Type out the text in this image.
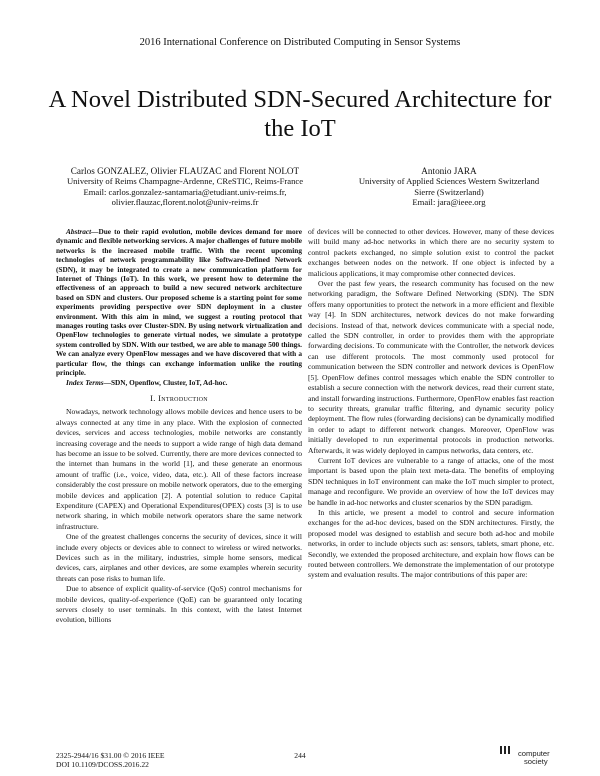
2016 International Conference on Distributed Computing in Sensor Systems
A Novel Distributed SDN-Secured Architecture for the IoT
Carlos GONZALEZ, Olivier FLAUZAC and Florent NOLOT
University of Reims Champagne-Ardenne, CReSTIC, Reims-France
Email: carlos.gonzalez-santamaria@etudiant.univ-reims.fr,
olivier.flauzac,florent.nolot@univ-reims.fr
Antonio JARA
University of Applied Sciences Western Switzerland
Sierre (Switzerland)
Email: jara@ieee.org

Abstract—Due to their rapid evolution, mobile devices demand for more dynamic and flexible networking services. A major challenges of future mobile networks is the increased mobile traffic. With the recent upcoming technologies of network programmability like Software-Defined Network (SDN), it may be integrated to create a new communication platform for Internet of Things (IoT). In this work, we present how to determine the effectiveness of an approach to build a new secured network architecture based on SDN and clusters. Our proposed scheme is a starting point for some experiments providing perspective over SDN deployment in a cluster environment. With this aim in mind, we suggest a routing protocol that manages routing tasks over Cluster-SDN. By using network virtualization and OpenFlow technologies to generate virtual nodes, we simulate a prototype system controlled by SDN. With our testbed, we are able to manage 500 things. We can analyze every OpenFlow messages and we have discovered that with a particular flow, the things can exchange information unlike the routing principle.

Index Terms—SDN, Openflow, Cluster, IoT, Ad-hoc.

I. Introduction

Nowadays, network technology allows mobile devices and hence users to be always connected at any time in any place. With the explosion of connected devices, services and access technologies, mobile networks are constantly increasing coverage and the needs to support a wide range of high data demand has become an issue to be solved. Currently, there are more devices connected to the internet than humans in the world [1], and these generate an enormous amount of traffic (i.e., voice, video, data, etc.). All of these factors increase considerably the cost pressure on mobile network operators, due to the emerging mobile devices and application [2]. A potential solution to reduce Capital Expenditure (CAPEX) and Operational Expenditures(OPEX) costs [3] is to use network sharing, in which mobile network operators share the same network infrastructure.

One of the greatest challenges concerns the security of devices, since it will include every objects or devices able to connect to wireless or wired networks. Devices such as in the military, industries, simple home sensors, medical devices, cars, airplanes and other devices, are some examples wherein security threats can pose risks to human life.

Due to absence of explicit quality-of-service (QoS) control mechanisms for mobile devices, quality-of-experience (QoE) can be guaranteed only locating servers closely to user terminals. In this context, with the latest Internet evolution, billions

of devices will be connected to other devices. However, many of these devices will build many ad-hoc networks in which there are no security system to control packets exchanged, no simple solution exist to control the packet exchanges between nodes on the network. If one object is infected by a malicious applications, it may compromise other connected devices.

Over the past few years, the research community has focused on the new networking paradigm, the Software Defined Networking (SDN). The SDN offers many opportunities to protect the network in a more efficient and flexible way [4]. In SDN architectures, network devices do not make forwarding decisions. Instead of that, network devices communicate with a special node, called the SDN controller, in order to provides them with the appropriate forwarding decisions. To communicate with the Controller, the network devices can use different protocols. The most commonly used protocol for communication between the SDN controller and network devices is OpenFlow [5]. OpenFlow defines control messages which enable the SDN controller to establish a secure connection with the network devices, read their current state, and install forwarding instructions. Furthermore, OpenFlow enables fast reaction to security threats, granular traffic filtering, and dynamic security policy deployment. The flow rules (forwarding decisions) can be dynamically modified in order to adapt to different network changes. Moreover, OpenFlow was initially developed to run experimental protocols in production networks. Afterwards, it was widely deployed in campus networks, data centers, etc.

Current IoT devices are vulnerable to a range of attacks, one of the most important is based upon the plain text meta-data. The benefits of employing SDN techniques in IoT environment can make the IoT much simpler to protect, manage and reconfigure. We provide an overview of how the IoT devices may be handle in ad-hoc networks and cluster scenarios by the SDN paradigm.

In this article, we present a model to control and secure information exchanges for the ad-hoc devices, based on the SDN architectures. Firstly, the proposed model was designed to establish and secure both ad-hoc and mobile networks, in order to include objects such as: sensors, tablets, smart phone, etc. Secondly, we extended the proposed architecture, and explain how flows can be routed between controllers. We demonstrate the implementation of our prototype system and evaluation results. The major contributions of this paper are:

2325-2944/16 $31.00 © 2016 IEEE
DOI 10.1109/DCOSS.2016.22
244	computer
society
